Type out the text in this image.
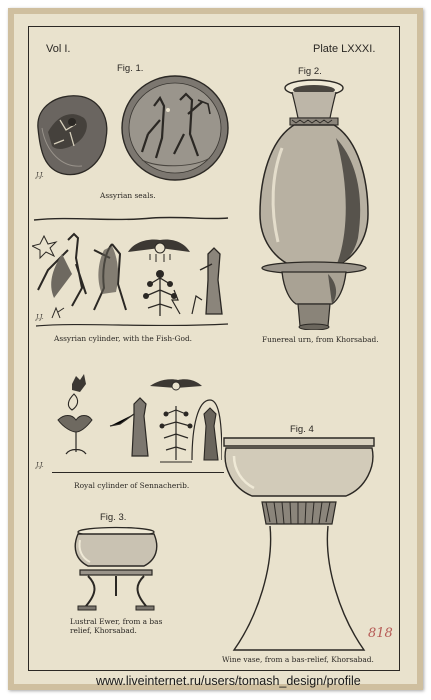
Vol I.	Plate LXXXI.
Fig. 1.
J.J.
Assyrian seals.
Fig 2.
Funereal urn, from Khorsabad.
J.J.
Assyrian cylinder, with the Fish-God.
J.J.
Royal cylinder of Sennacherib.
Fig. 3.
Lustral Ewer, from a bas relief, Khorsabad.
Fig. 4
Wine vase, from a bas-relief, Khorsabad.
818
www.liveinternet.ru/users/tomash_design/profile
